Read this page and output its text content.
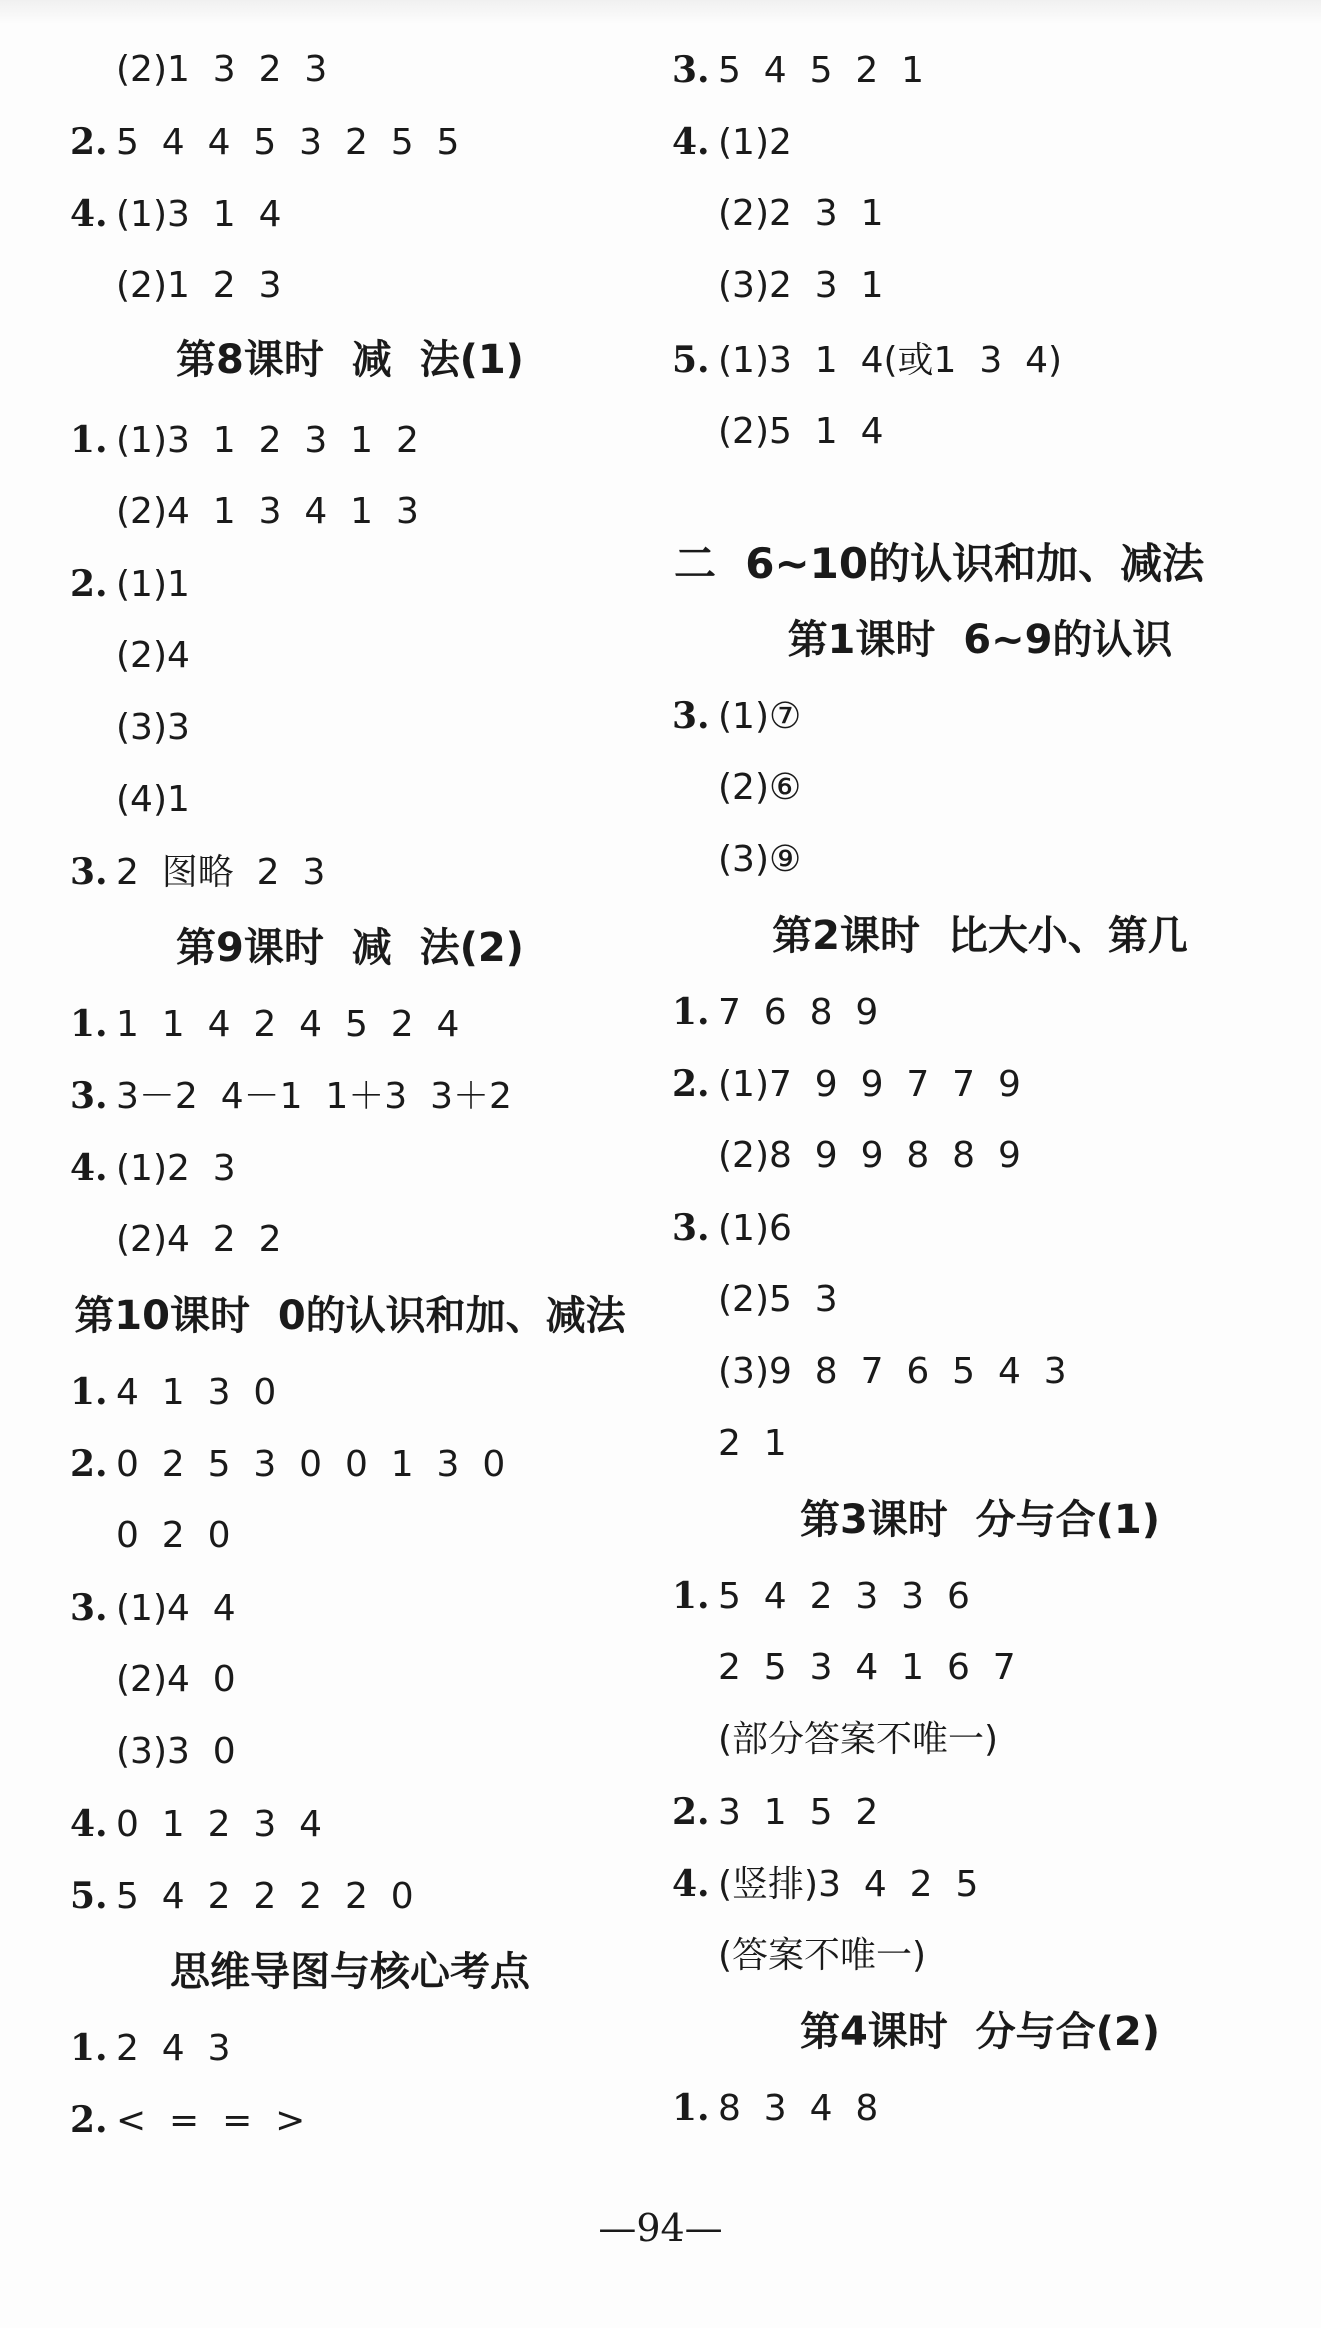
(2)1  3  2  3
2. 5  4  4  5  3  2  5  5
4. (1)3  1  4
(2)1  2  3
第8课时  减  法(1)
1. (1)3  1  2  3  1  2
(2)4  1  3  4  1  3
2. (1)1
(2)4
(3)3
(4)1
3. 2  图略  2  3
第9课时  减  法(2)
1. 1  1  4  2  4  5  2  4
3. 3－2  4－1  1＋3  3＋2
4. (1)2  3
(2)4  2  2
第10课时  0的认识和加、减法
1. 4  1  3  0
2. 0  2  5  3  0  0  1  3  0
0  2  0
3. (1)4  4
(2)4  0
(3)3  0
4. 0  1  2  3  4
5. 5  4  2  2  2  2  0
思维导图与核心考点
1. 2  4  3
2. <  =  =  >
3. 5  4  5  2  1
4. (1)2
(2)2  3  1
(3)2  3  1
5. (1)3  1  4(或1  3  4)
(2)5  1  4
二  6~10的认识和加、减法
第1课时  6~9的认识
3. (1)⑦
(2)⑥
(3)⑨
第2课时  比大小、第几
1. 7  6  8  9
2. (1)7  9  9  7  7  9
(2)8  9  9  8  8  9
3. (1)6
(2)5  3
(3)9  8  7  6  5  4  3
2  1
第3课时  分与合(1)
1. 5  4  2  3  3  6
2  5  3  4  1  6  7
(部分答案不唯一)
2. 3  1  5  2
4. (竖排)3  4  2  5
(答案不唯一)
第4课时  分与合(2)
1. 8  3  4  8
—94—
